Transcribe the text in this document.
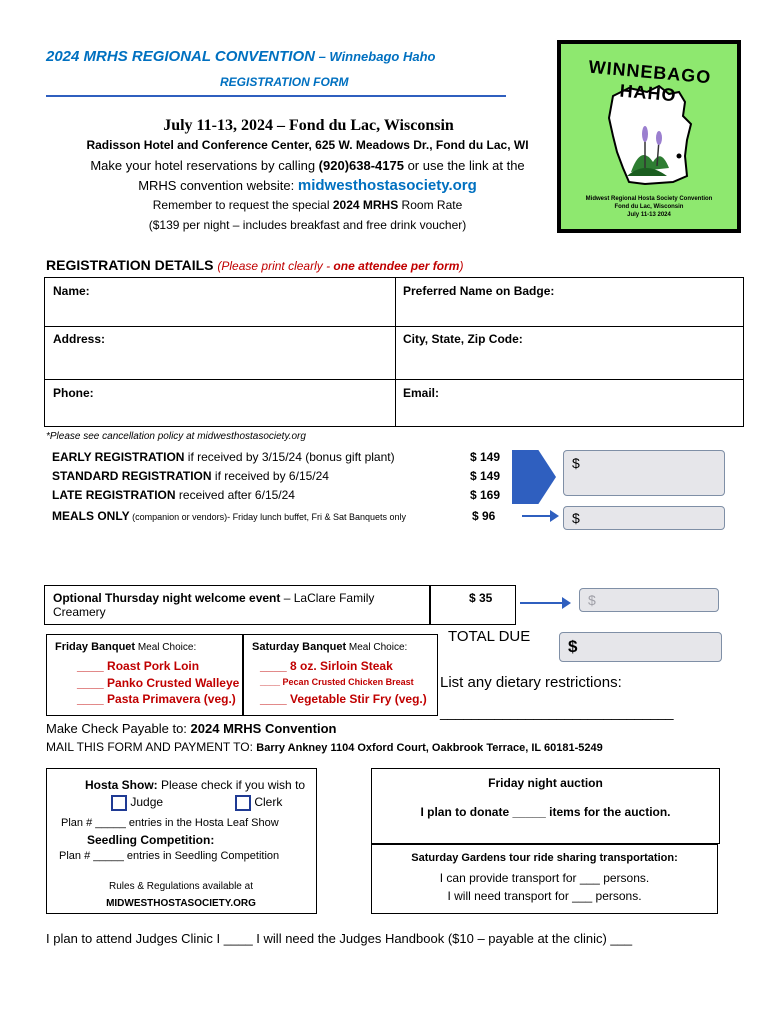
2024 MRHS REGIONAL CONVENTION – Winnebago Haho
REGISTRATION FORM
July 11-13, 2024 – Fond du Lac, Wisconsin
Radisson Hotel and Conference Center, 625 W. Meadows Dr., Fond du Lac, WI
Make your hotel reservations by calling (920)638-4175 or use the link at the
MRHS convention website: midwesthostasociety.org
Remember to request the special 2024 MRHS Room Rate
($139 per night – includes breakfast and free drink voucher)
WINNEBAGO HAHO
Midwest Regional Hosta Society Convention
Fond du Lac, Wisconsin
July 11-13 2024
REGISTRATION DETAILS (Please print clearly - one attendee per form)
Name:	Preferred Name on Badge:
Address:	City, State, Zip Code:
Phone:	Email:
*Please see cancellation policy at midwesthostasociety.org
EARLY REGISTRATION if received by 3/15/24 (bonus gift plant)	$ 149
STANDARD REGISTRATION if received by 6/15/24	$ 149
LATE REGISTRATION received after 6/15/24	$ 169
MEALS ONLY (companion or vendors)- Friday lunch buffet, Fri & Sat Banquets only	$ 96
$
$
Optional Thursday night welcome event – LaClare Family Creamery
$ 35	$
TOTAL DUE
$
Friday Banquet Meal Choice:
____ Roast Pork Loin
____ Panko Crusted Walleye
____ Pasta Primavera (veg.)
Saturday Banquet Meal Choice:
____ 8 oz. Sirloin Steak
____ Pecan Crusted Chicken Breast
____ Vegetable Stir Fry (veg.)
List any dietary restrictions:
______________________________
Make Check Payable to: 2024 MRHS Convention
MAIL THIS FORM AND PAYMENT TO: Barry Ankney 1104 Oxford Court, Oakbrook Terrace, IL 60181-5249
Hosta Show: Please check if you wish to
Judge	Clerk
Plan # _____ entries in the Hosta Leaf Show
Seedling Competition:
Plan # _____ entries in Seedling Competition
Rules & Regulations available at
MIDWESTHOSTASOCIETY.ORG
Friday night auction
I plan to donate _____ items for the auction.
Saturday Gardens tour ride sharing transportation:
I can provide transport for ___ persons.
I will need transport for ___ persons.
I plan to attend Judges Clinic I ____ I will need the Judges Handbook ($10 – payable at the clinic) ___
